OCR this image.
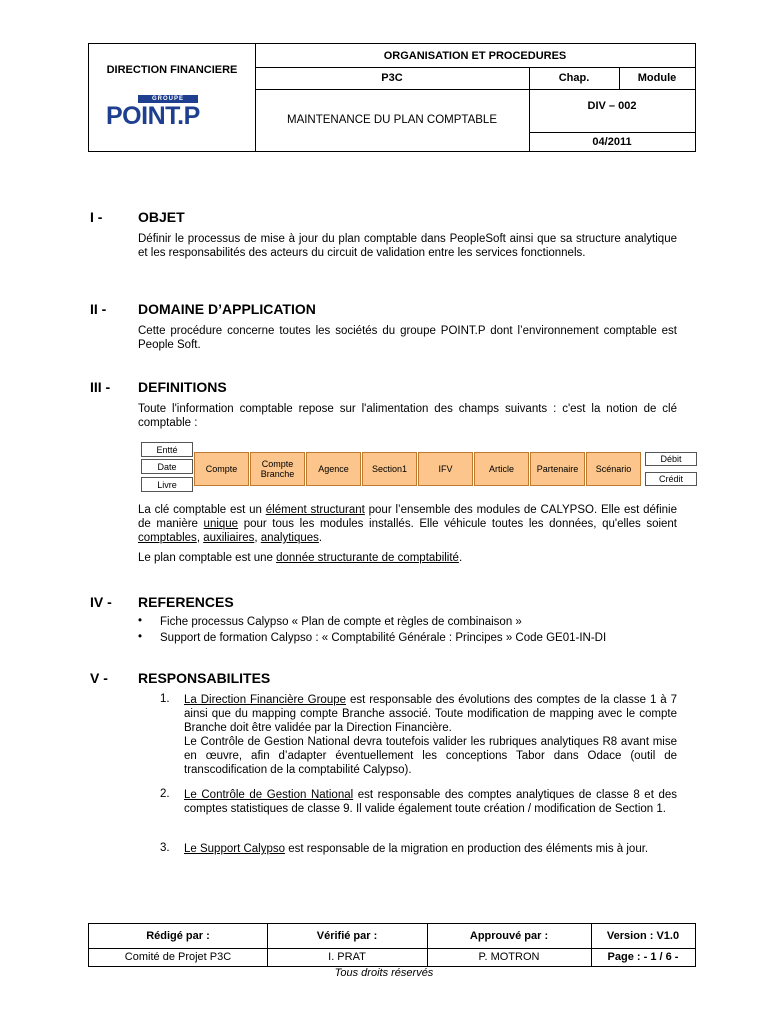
DIRECTION FINANCIERE
ORGANISATION ET PROCEDURES
P3C	Chap.	Module
MAINTENANCE DU PLAN COMPTABLE
DIV – 002
04/2011
GROUPE
POINT.P
I -	OBJET
Définir le processus de mise à jour du plan comptable dans PeopleSoft ainsi que sa structure analytique et les responsabilités des acteurs du circuit de validation entre les services fonctionnels.
II - DOMAINE D’APPLICATION
Cette procédure concerne toutes les sociétés du groupe POINT.P dont l’environnement comptable est People Soft.
III - DEFINITIONS
Toute l'information comptable repose sur l'alimentation des champs suivants : c'est la notion de clé comptable :
Entté
Date
Livre
Compte	Compte Branche	Agence	Section1	IFV	Article	Partenaire	Scénario
Débit
Crédit
La clé comptable est un élément structurant pour l’ensemble des modules de CALYPSO. Elle est définie de manière unique pour tous les modules installés. Elle véhicule toutes les données, qu'elles soient comptables, auxiliaires, analytiques.
Le plan comptable est une donnée structurante de comptabilité.
IV - REFERENCES
• Fiche processus Calypso « Plan de compte et règles de combinaison »
• Support de formation Calypso : « Comptabilité Générale : Principes » Code GE01-IN-DI
V - RESPONSABILITES
1. La Direction Financière Groupe est responsable des évolutions des comptes de la classe 1 à 7 ainsi que du mapping compte Branche associé. Toute modification de mapping avec le compte Branche doit être validée par la Direction Financière.
Le Contrôle de Gestion National devra toutefois valider les rubriques analytiques R8 avant mise en œuvre, afin d’adapter éventuellement les conceptions Tabor dans Odace (outil de transcodification de la comptabilité Calypso).
2. Le Contrôle de Gestion National est responsable des comptes analytiques de classe 8 et des comptes statistiques de classe 9. Il valide également toute création / modification de Section 1.
3. Le Support Calypso est responsable de la migration en production des éléments mis à jour.
Rédigé par :	Vérifié par :	Approuvé par :	Version : V1.0
Comité de Projet P3C	I. PRAT	P. MOTRON	Page : - 1 / 6 -
Tous droits réservés
